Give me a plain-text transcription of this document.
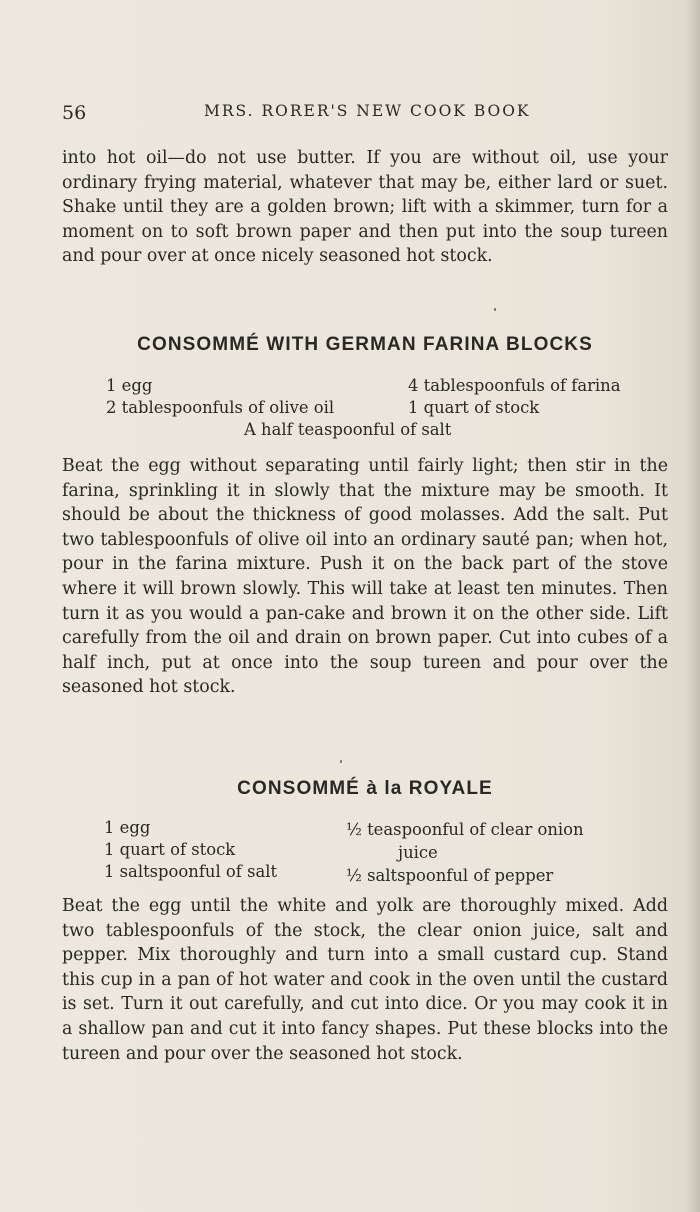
56	MRS. RORER'S NEW COOK BOOK

into hot oil—do not use butter. If you are without oil, use your ordinary frying material, whatever that may be, either lard or suet. Shake until they are a golden brown; lift with a skimmer, turn for a moment on to soft brown paper and then put into the soup tureen and pour over at once nicely seasoned hot stock.

CONSOMMÉ WITH GERMAN FARINA BLOCKS
1 egg
2 tablespoonfuls of olive oil
4 tablespoonfuls of farina
1 quart of stock
A half teaspoonful of salt

Beat the egg without separating until fairly light; then stir in the farina, sprinkling it in slowly that the mixture may be smooth. It should be about the thickness of good molasses. Add the salt. Put two tablespoonfuls of olive oil into an ordinary sauté pan; when hot, pour in the farina mixture. Push it on the back part of the stove where it will brown slowly. This will take at least ten minutes. Then turn it as you would a pan-cake and brown it on the other side. Lift carefully from the oil and drain on brown paper. Cut into cubes of a half inch, put at once into the soup tureen and pour over the seasoned hot stock.

CONSOMMÉ à la ROYALE
1 egg
1 quart of stock
1 saltspoonful of salt
½ teaspoonful of clear onion
juice
½ saltspoonful of pepper

Beat the egg until the white and yolk are thoroughly mixed. Add two tablespoonfuls of the stock, the clear onion juice, salt and pepper. Mix thoroughly and turn into a small custard cup. Stand this cup in a pan of hot water and cook in the oven until the custard is set. Turn it out carefully, and cut into dice. Or you may cook it in a shallow pan and cut it into fancy shapes. Put these blocks into the tureen and pour over the seasoned hot stock.
